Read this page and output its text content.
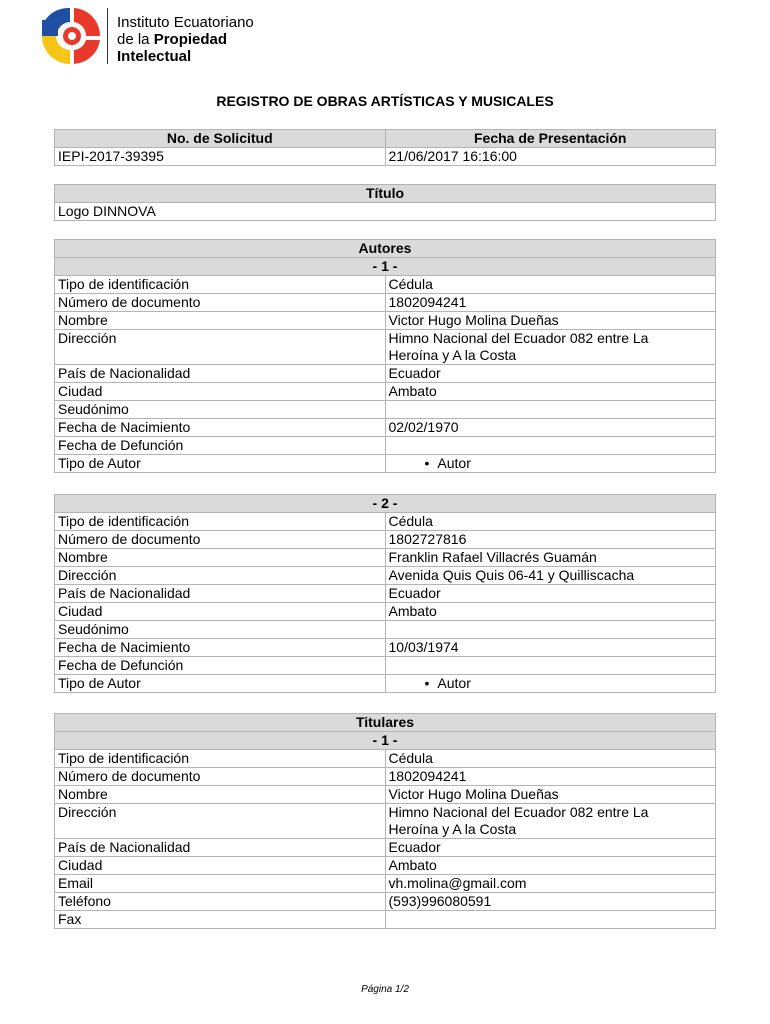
Instituto Ecuatoriano
de la Propiedad
Intelectual
REGISTRO DE OBRAS ARTÍSTICAS Y MUSICALES
No. de Solicitud	Fecha de Presentación
IEPI-2017-39395	21/06/2017 16:16:00
Título
Logo DINNOVA
Autores	
- 1 -	
Tipo de identificación	Cédula
Número de documento	1802094241
Nombre	Victor Hugo Molina Dueñas
Dirección	Himno Nacional del Ecuador 082 entre La
Heroína y A la Costa

País de Nacionalidad	Ecuador
Ciudad	Ambato
Seudónimo	
Fecha de Nacimiento	02/02/1970
Fecha de Defunción	
Tipo de Autor	• Autor
- 2 -	
Tipo de identificación	Cédula
Número de documento	1802727816
Nombre	Franklin Rafael Villacrés Guamán
Dirección	Avenida Quis Quis 06-41 y Quilliscacha
País de Nacionalidad	Ecuador
Ciudad	Ambato
Seudónimo	
Fecha de Nacimiento	10/03/1974
Fecha de Defunción	
Tipo de Autor	• Autor
Titulares	
- 1 -	
Tipo de identificación	Cédula
Número de documento	1802094241
Nombre	Victor Hugo Molina Dueñas
Dirección	Himno Nacional del Ecuador 082 entre La
Heroína y A la Costa

País de Nacionalidad	Ecuador
Ciudad	Ambato
Email	vh.molina@gmail.com
Teléfono	(593)996080591
Fax	
Página 1/2
